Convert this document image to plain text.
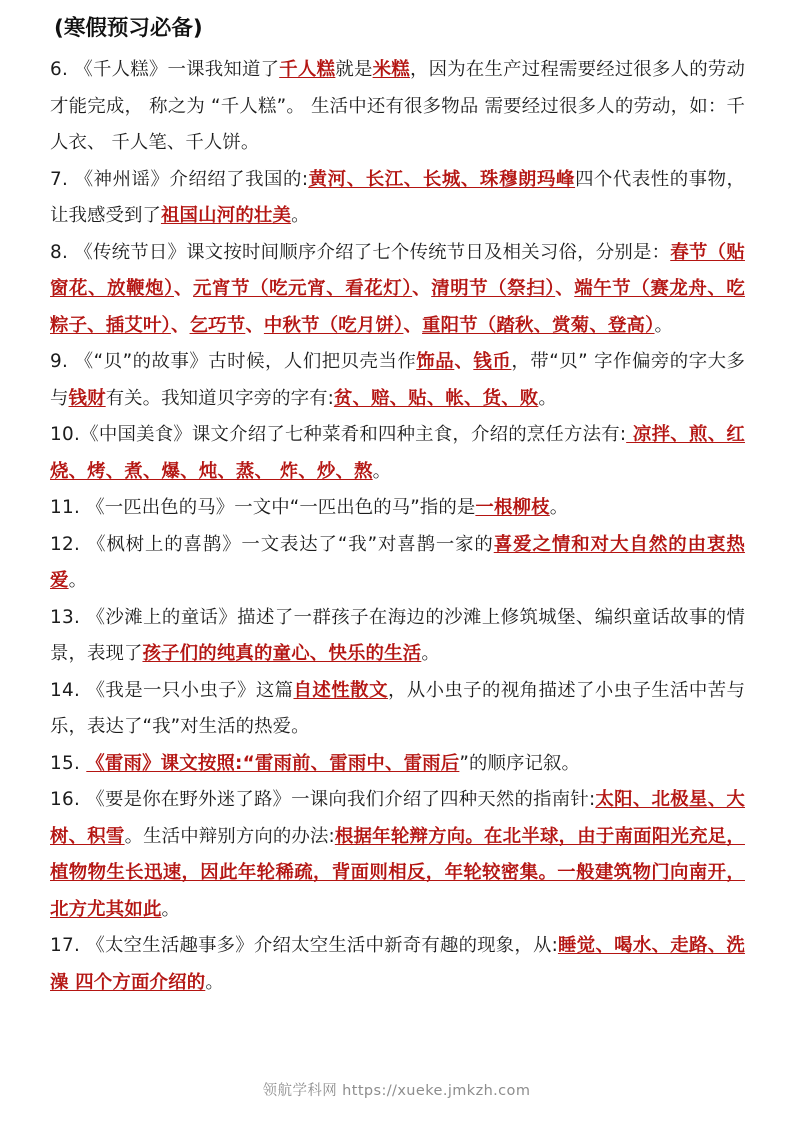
(寒假预习必备)

6. 《千人糕》一课我知道了千人糕就是米糕，因为在生产过程需要经过很多人的劳动才能完成， 称之为 “千人糕”。 生活中还有很多物品 需要经过很多人的劳动，如：千人衣、 千人笔、千人饼。

7. 《神州谣》介绍绍了我国的:黄河、长江、长城、珠穆朗玛峰四个代表性的事物，让我感受到了祖国山河的壮美。

8. 《传统节日》课文按时间顺序介绍了七个传统节日及相关习俗，分别是：春节（贴窗花、放鞭炮）、元宵节（吃元宵、看花灯）、清明节（祭扫）、端午节（赛龙舟、吃粽子、插艾叶）、乞巧节、中秋节（吃月饼）、重阳节（踏秋、赏菊、登高）。

9. 《“贝”的故事》古时候，人们把贝壳当作饰品、钱币，带“贝” 字作偏旁的字大多与钱财有关。我知道贝字旁的字有:贫、赔、贴、帐、货、败。

10.《中国美食》课文介绍了七种菜肴和四种主食，介绍的烹任方法有: 凉拌、煎、红烧、烤、煮、爆、炖、蒸、 炸、炒、熬。

11. 《一匹出色的马》一文中“一匹出色的马”指的是一根柳枝。

12. 《枫树上的喜鹊》一文表达了“我”对喜鹊一家的喜爱之情和对大自然的由衷热爱。

13. 《沙滩上的童话》描述了一群孩子在海边的沙滩上修筑城堡、编织童话故事的情景，表现了孩子们的纯真的童心、快乐的生活。

14. 《我是一只小虫子》这篇自述性散文，从小虫子的视角描述了小虫子生活中苦与乐，表达了“我”对生活的热爱。

15. 《雷雨》课文按照:“雷雨前、雷雨中、雷雨后”的顺序记叙。

16. 《要是你在野外迷了路》一课向我们介绍了四种天然的指南针:太阳、北极星、大树、积雪。生活中辩别方向的办法:根据年轮辩方向。在北半球，由于南面阳光充足， 植物物生长迅速，因此年轮稀疏，背面则相反，年轮较密集。一般建筑物门向南开，北方尤其如此。

17. 《太空生活趣事多》介绍太空生活中新奇有趣的现象，从:睡觉、喝水、走路、洗澡 四个方面介绍的。

领航学科网 https://xueke.jmkzh.com
